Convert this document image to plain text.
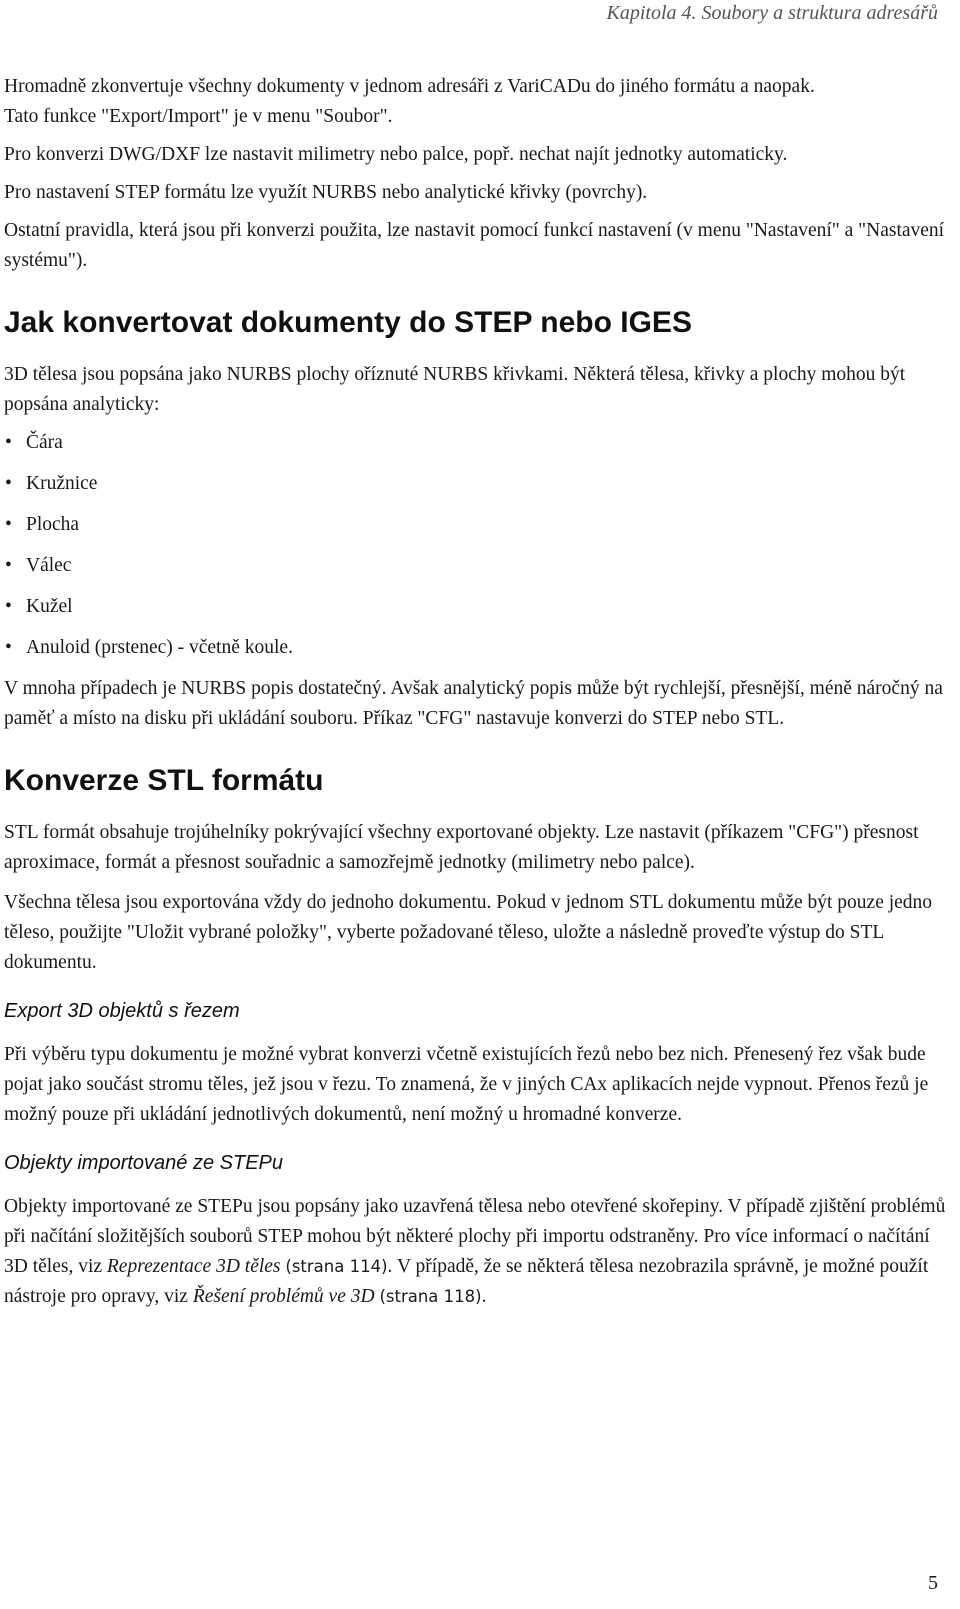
Kapitola 4. Soubory a struktura adresářů

Hromadně zkonvertuje všechny dokumenty v jednom adresáři z VariCADu do jiného formátu a naopak.
Tato funkce "Export/Import" je v menu "Soubor".

Pro konverzi DWG/DXF lze nastavit milimetry nebo palce, popř. nechat najít jednotky automaticky.

Pro nastavení STEP formátu lze využít NURBS nebo analytické křivky (povrchy).

Ostatní pravidla, která jsou při konverzi použita, lze nastavit pomocí funkcí nastavení (v menu "Nastavení" a "Nastavení systému").

Jak konvertovat dokumenty do STEP nebo IGES

3D tělesa jsou popsána jako NURBS plochy oříznuté NURBS křivkami. Některá tělesa, křivky a plochy mohou být popsána analyticky:

• Čára
• Kružnice
• Plocha
• Válec
• Kužel
• Anuloid (prstenec) - včetně koule.

V mnoha případech je NURBS popis dostatečný. Avšak analytický popis může být rychlejší, přesnější, méně náročný na paměť a místo na disku při ukládání souboru. Příkaz "CFG" nastavuje konverzi do STEP nebo STL.

Konverze STL formátu

STL formát obsahuje trojúhelníky pokrývající všechny exportované objekty. Lze nastavit (příkazem "CFG") přesnost aproximace, formát a přesnost souřadnic a samozřejmě jednotky (milimetry nebo palce).

Všechna tělesa jsou exportována vždy do jednoho dokumentu. Pokud v jednom STL dokumentu může být pouze jedno těleso, použijte "Uložit vybrané položky", vyberte požadované těleso, uložte a následně proveďte výstup do STL dokumentu.

Export 3D objektů s řezem

Při výběru typu dokumentu je možné vybrat konverzi včetně existujících řezů nebo bez nich. Přenesený řez však bude pojat jako součást stromu těles, jež jsou v řezu. To znamená, že v jiných CAx aplikacích nejde vypnout. Přenos řezů je možný pouze při ukládání jednotlivých dokumentů, není možný u hromadné konverze.

Objekty importované ze STEPu

Objekty importované ze STEPu jsou popsány jako uzavřená tělesa nebo otevřené skořepiny. V případě zjištění problémů při načítání složitějších souborů STEP mohou být některé plochy při importu odstraněny. Pro více informací o načítání 3D těles, viz Reprezentace 3D těles (strana 114). V případě, že se některá tělesa nezobrazila správně, je možné použít nástroje pro opravy, viz Řešení problémů ve 3D (strana 118).

5
